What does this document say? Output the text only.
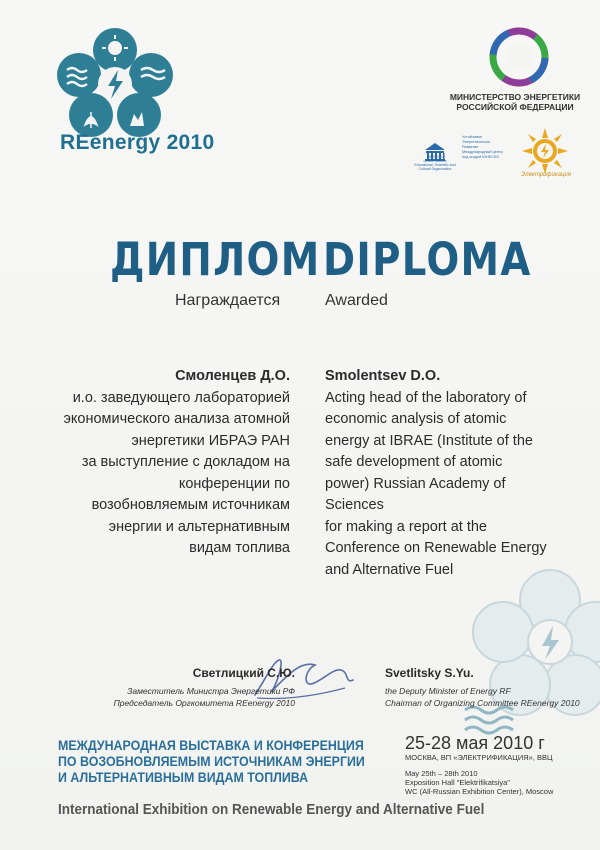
REenergy 2010
МИНИСТЕРСТВО ЭНЕРГЕТИКИ
РОССИЙСКОЙ ФЕДЕРАЦИИ
UNESCO
United Nations
Educational, Scientific and
Cultural Organization
Устойчивое
Энергетическое
Развитие
Международный центр
под эгидой ЮНЕСКО
Электрификация
ДИПЛОМ DIPLOMA
Награждается	Awarded
Смоленцев Д.О.
и.о. заведующего лабораторией
экономического анализа атомной
энергетики ИБРАЭ РАН
за выступление с докладом на
конференции по
возобновляемым источникам
энергии и альтернативным
видам топлива
Smolentsev D.O.
Acting head of the laboratory of
economic analysis of atomic
energy at IBRAE (Institute of the
safe development of atomic
power) Russian Academy of
Sciences
for making a report at the
Conference on Renewable Energy
and Alternative Fuel
Светлицкий С.Ю.
Заместитель Министра Энергетики РФ
Председатель Оргкомитета REenergy 2010
Svetlitsky S.Yu.
the Deputy Minister of Energy RF
Chairman of Organizing Committee REenergy 2010
МЕЖДУНАРОДНАЯ ВЫСТАВКА И КОНФЕРЕНЦИЯ
ПО ВОЗОБНОВЛЯЕМЫМ ИСТОЧНИКАМ ЭНЕРГИИ
И АЛЬТЕРНАТИВНЫМ ВИДАМ ТОПЛИВА
25-28 мая 2010 г
МОСКВА, ВП «ЭЛЕКТРИФИКАЦИЯ», ВВЦ
May 25th – 28th 2010
Exposition Hall "Elektrifikatsiya"
WC (All-Russian Exhibition Center), Moscow
International Exhibition on Renewable Energy and Alternative Fuel
